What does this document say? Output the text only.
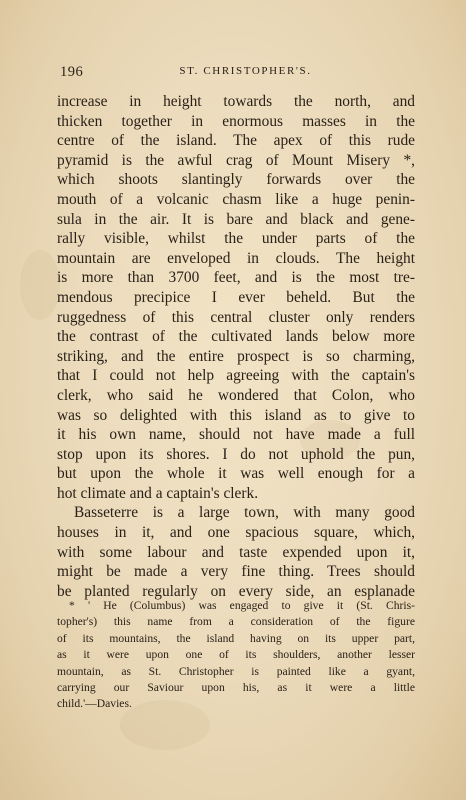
196	ST. CHRISTOPHER'S.
increase in height towards the north, and
thicken together in enormous masses in the
centre of the island. The apex of this rude
pyramid is the awful crag of Mount Misery *,
which shoots slantingly forwards over the
mouth of a volcanic chasm like a huge penin-
sula in the air. It is bare and black and gene-
rally visible, whilst the under parts of the
mountain are enveloped in clouds. The height
is more than 3700 feet, and is the most tre-
mendous precipice I ever beheld. But the
ruggedness of this central cluster only renders
the contrast of the cultivated lands below more
striking, and the entire prospect is so charming,
that I could not help agreeing with the captain's
clerk, who said he wondered that Colon, who
was so delighted with this island as to give to
it his own name, should not have made a full
stop upon its shores. I do not uphold the pun,
but upon the whole it was well enough for a
hot climate and a captain's clerk.
Basseterre is a large town, with many good
houses in it, and one spacious square, which,
with some labour and taste expended upon it,
might be made a very fine thing. Trees should
be planted regularly on every side, an esplanade
* ' He (Columbus) was engaged to give it (St. Chris-
topher's) this name from a consideration of the figure
of its mountains, the island having on its upper part,
as it were upon one of its shoulders, another lesser
mountain, as St. Christopher is painted like a gyant,
carrying our Saviour upon his, as it were a little
child.'—Davies.
